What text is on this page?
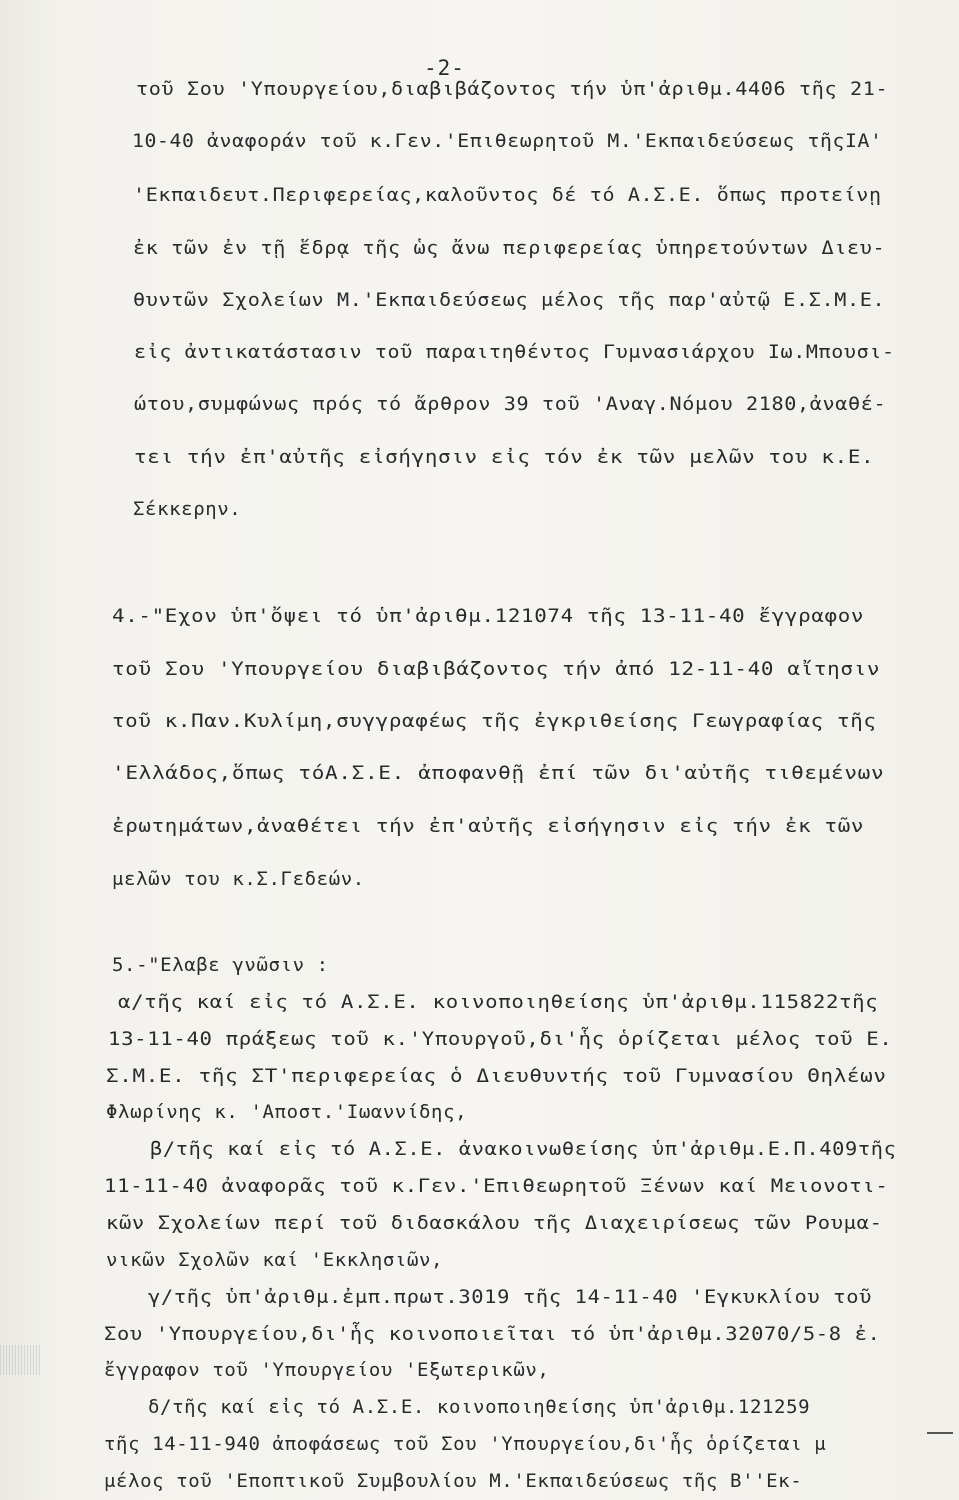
-2-
τοῦ Σου 'Υπουργείου,διαβιβάζοντος τήν ὑπ'ἀριθμ.4406 τῆς 21-
10-40 ἀναφοράν τοῦ κ.Γεν.'Επιθεωρητοῦ Μ.'Εκπαιδεύσεως τῆςΙΑ'
'Εκπαιδευτ.Περιφερείας,καλοῦντος δέ τό Α.Σ.Ε. ὅπως προτείνῃ
ἐκ τῶν ἐν τῇ ἕδρᾳ τῆς ὡς ἄνω περιφερείας ὑπηρετούντων Διευ-
θυντῶν Σχολείων Μ.'Εκπαιδεύσεως μέλος τῆς παρ'αὐτῷ Ε.Σ.Μ.Ε.
εἰς ἀντικατάστασιν τοῦ παραιτηθέντος Γυμνασιάρχου Ιω.Μπουσι-
ώτου,συμφώνως πρός τό ἄρθρον 39 τοῦ 'Αναγ.Νόμου 2180,ἀναθέ-
τει τήν ἐπ'αὐτῆς εἰσήγησιν εἰς τόν ἐκ τῶν μελῶν του κ.Ε.
Σέκκερην.
4.-"Εχον ὑπ'ὄψει τό ὑπ'ἀριθμ.121074 τῆς 13-11-40 ἔγγραφον
τοῦ Σου 'Υπουργείου διαβιβάζοντος τήν ἀπό 12-11-40 αἴτησιν
τοῦ κ.Παν.Κυλίμη,συγγραφέως τῆς ἐγκριθείσης Γεωγραφίας τῆς
'Ελλάδος,ὅπως τόΑ.Σ.Ε. ἀποφανθῇ ἐπί τῶν δι'αὐτῆς τιθεμένων
ἐρωτημάτων,ἀναθέτει τήν ἐπ'αὐτῆς εἰσήγησιν εἰς τήν ἐκ τῶν
μελῶν του κ.Σ.Γεδεών.
5.-"Ελαβε γνῶσιν :
α/τῆς καί εἰς τό Α.Σ.Ε. κοινοποιηθείσης ὑπ'ἀριθμ.115822τῆς
13-11-40 πράξεως τοῦ κ.'Υπουργοῦ,δι'ἧς ὁρίζεται μέλος τοῦ Ε.
Σ.Μ.Ε. τῆς ΣΤ'περιφερείας ὁ Διευθυντής τοῦ Γυμνασίου Θηλέων
Φλωρίνης κ. 'Αποστ.'Ιωαννίδης,
β/τῆς καί εἰς τό Α.Σ.Ε. ἀνακοινωθείσης ὑπ'ἀριθμ.Ε.Π.409τῆς
11-11-40 ἀναφορᾶς τοῦ κ.Γεν.'Επιθεωρητοῦ Ξένων καί Μειονοτι-
κῶν Σχολείων περί τοῦ διδασκάλου τῆς Διαχειρίσεως τῶν Ρουμα-
νικῶν Σχολῶν καί 'Εκκλησιῶν,
γ/τῆς ὑπ'ἀριθμ.ἐμπ.πρωτ.3019 τῆς 14-11-40 'Εγκυκλίου τοῦ
Σου 'Υπουργείου,δι'ἧς κοινοποιεῖται τό ὑπ'ἀριθμ.32070/5-8 ἐ.
ἔγγραφον τοῦ 'Υπουργείου 'Εξωτερικῶν,
δ/τῆς καί εἰς τό Α.Σ.Ε. κοινοποιηθείσης ὑπ'ἀριθμ.121259
τῆς 14-11-940 ἀποφάσεως τοῦ Σου 'Υπουργείου,δι'ἧς ὁρίζεται μ
μέλος τοῦ 'Εποπτικοῦ Συμβουλίου Μ.'Εκπαιδεύσεως τῆς Β''Εκ-
